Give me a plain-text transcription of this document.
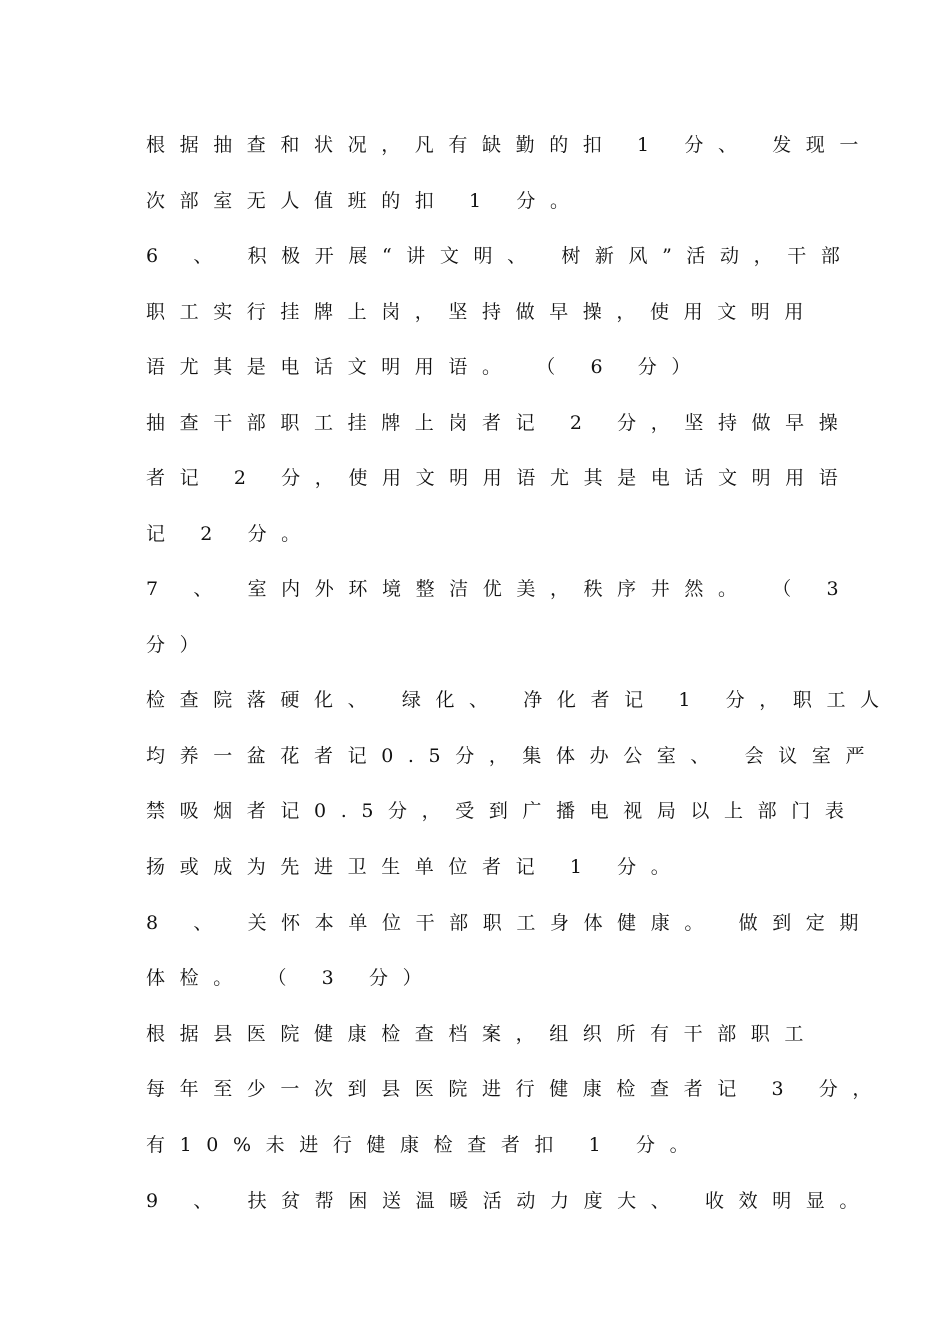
根据抽查和状况，凡有缺勤的扣 1 分、 发现一
次部室无人值班的扣 1 分。
6 、 积极开展“讲文明、 树新风”活动，干部
职工实行挂牌上岗，坚持做早操，使用文明用
语尤其是电话文明用语。 （ 6 分）
抽查干部职工挂牌上岗者记 2 分，坚持做早操
者记 2 分，使用文明用语尤其是电话文明用语
记 2 分。
7 、 室内外环境整洁优美，秩序井然。 （ 3
分）
检查院落硬化、 绿化、 净化者记 1 分，职工人
均养一盆花者记0.5分，集体办公室、 会议室严
禁吸烟者记0.5分，受到广播电视局以上部门表
扬或成为先进卫生单位者记 1 分。
8 、 关怀本单位干部职工身体健康。 做到定期
体检。 （ 3 分）
根据县医院健康检查档案，组织所有干部职工
每年至少一次到县医院进行健康检查者记 3 分，
有10%未进行健康检查者扣 1 分。
9 、 扶贫帮困送温暖活动力度大、 收效明显。
